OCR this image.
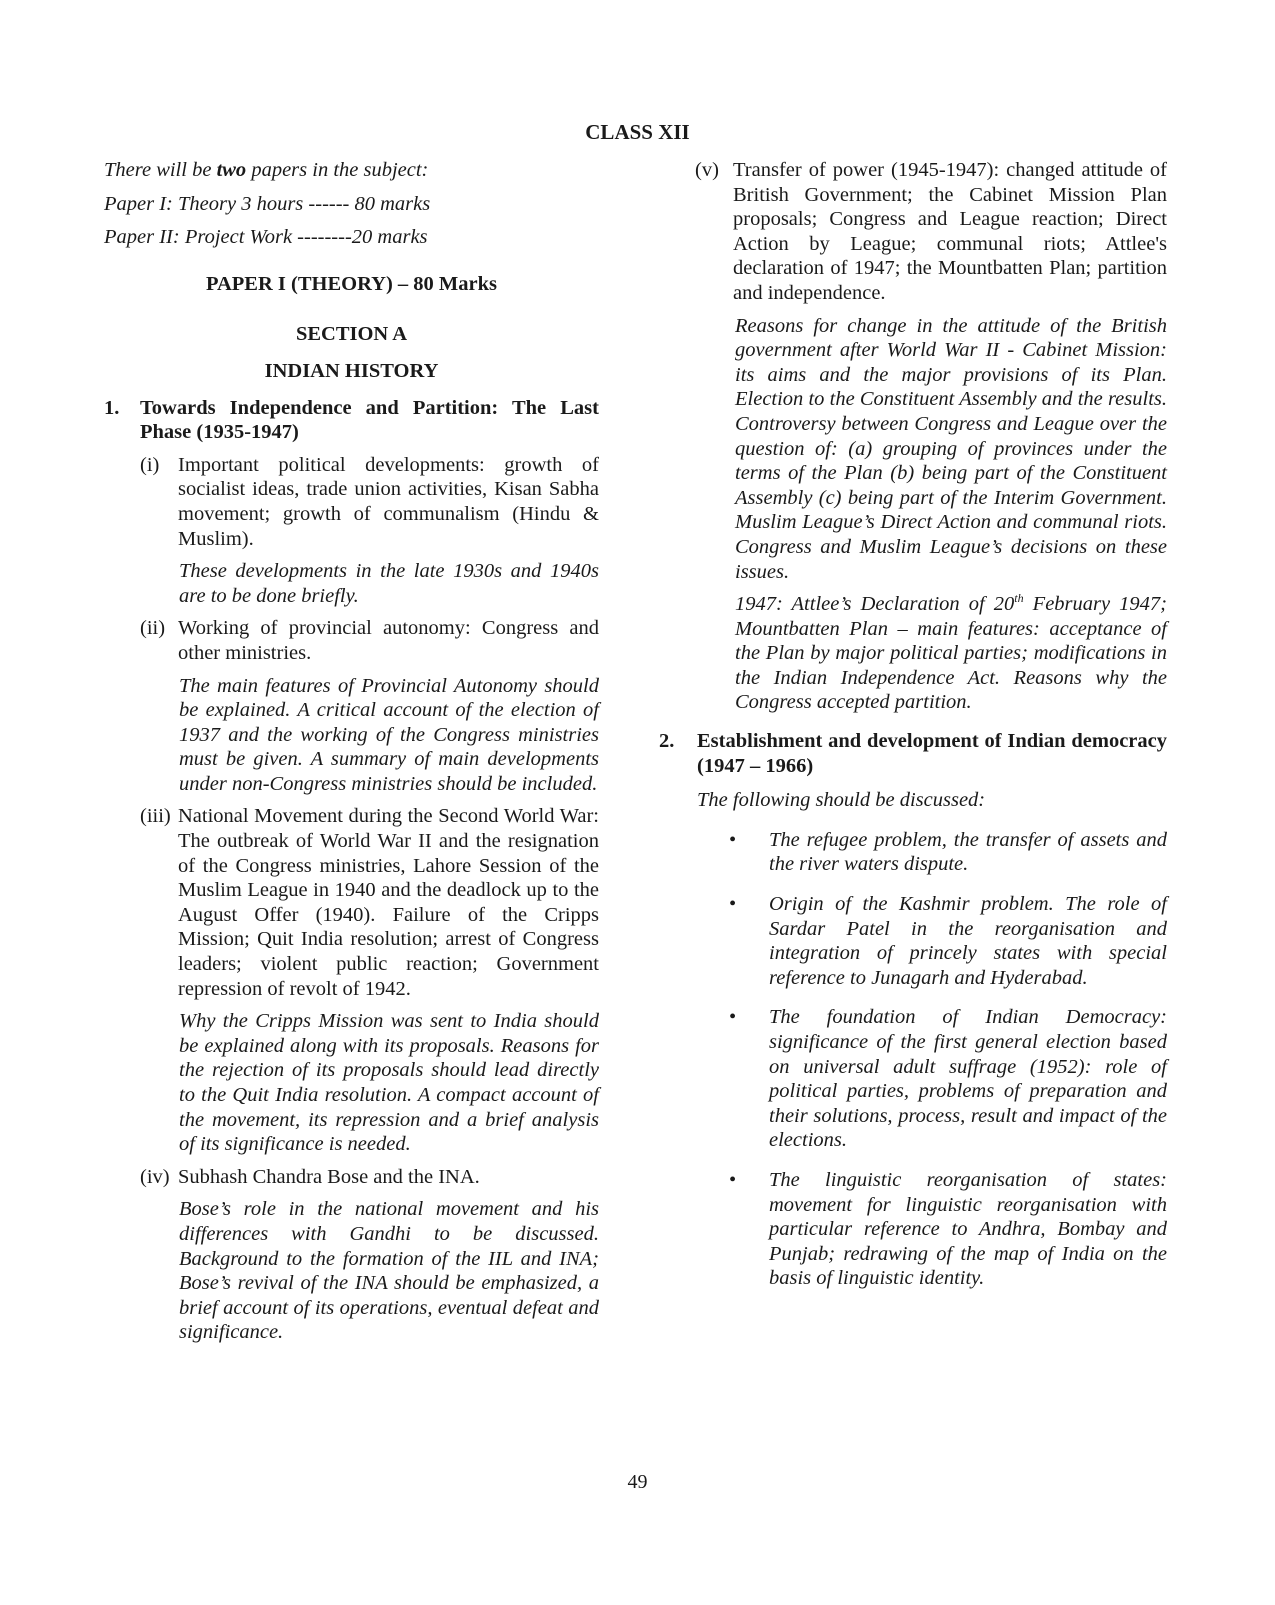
CLASS XII

There will be two papers in the subject:

Paper I: Theory 3 hours ------ 80 marks

Paper II: Project Work --------20 marks

PAPER I (THEORY) – 80 Marks

SECTION A

INDIAN HISTORY

1.	Towards Independence and Partition: The Last Phase (1935-1947)
(i) Important political developments: growth of socialist ideas, trade union activities, Kisan Sabha movement; growth of communalism (Hindu & Muslim).

These developments in the late 1930s and 1940s are to be done briefly.

(ii) Working of provincial autonomy: Congress and other ministries.

The main features of Provincial Autonomy should be explained. A critical account of the election of 1937 and the working of the Congress ministries must be given. A summary of main developments under non-Congress ministries should be included.

(iii) National Movement during the Second World War: The outbreak of World War II and the resignation of the Congress ministries, Lahore Session of the Muslim League in 1940 and the deadlock up to the August Offer (1940). Failure of the Cripps Mission; Quit India resolution; arrest of Congress leaders; violent public reaction; Government repression of revolt of 1942.

Why the Cripps Mission was sent to India should be explained along with its proposals. Reasons for the rejection of its proposals should lead directly to the Quit India resolution. A compact account of the movement, its repression and a brief analysis of its significance is needed.

(iv) Subhash Chandra Bose and the INA.

Bose’s role in the national movement and his differences with Gandhi to be discussed. Background to the formation of the IIL and INA; Bose’s revival of the INA should be emphasized, a brief account of its operations, eventual defeat and significance.

(v) Transfer of power (1945-1947): changed attitude of British Government; the Cabinet Mission Plan proposals; Congress and League reaction; Direct Action by League; communal riots; Attlee's declaration of 1947; the Mountbatten Plan; partition and independence.

Reasons for change in the attitude of the British government after World War II - Cabinet Mission: its aims and the major provisions of its Plan. Election to the Constituent Assembly and the results. Controversy between Congress and League over the question of: (a) grouping of provinces under the terms of the Plan (b) being part of the Constituent Assembly (c) being part of the Interim Government. Muslim League’s Direct Action and communal riots. Congress and Muslim League’s decisions on these issues.

1947: Attlee’s Declaration of 20th February 1947; Mountbatten Plan – main features: acceptance of the Plan by major political parties; modifications in the Indian Independence Act. Reasons why the Congress accepted partition.

2.	Establishment and development of Indian democracy (1947 – 1966)

The following should be discussed:

•	The refugee problem, the transfer of assets and the river waters dispute.
•	Origin of the Kashmir problem. The role of Sardar Patel in the reorganisation and integration of princely states with special reference to Junagarh and Hyderabad.
•	The foundation of Indian Democracy: significance of the first general election based on universal adult suffrage (1952): role of political parties, problems of preparation and their solutions, process, result and impact of the elections.
•	The linguistic reorganisation of states: movement for linguistic reorganisation with particular reference to Andhra, Bombay and Punjab; redrawing of the map of India on the basis of linguistic identity.
49
